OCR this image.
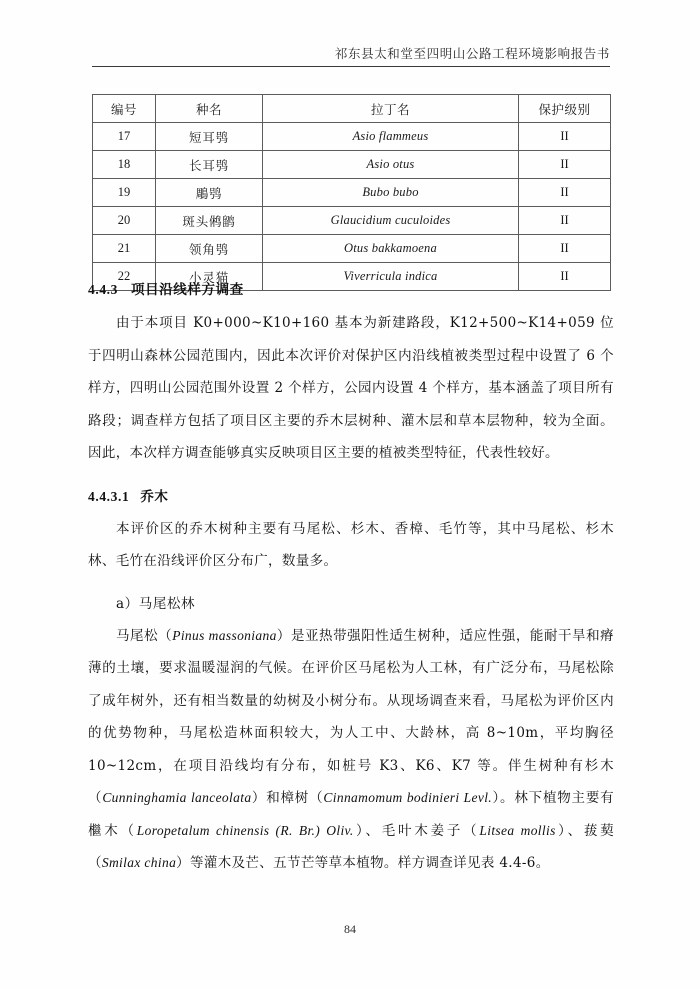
祁东县太和堂至四明山公路工程环境影响报告书
编号	种名	拉丁名	保护级别
17	短耳鸮	Asio flammeus	II
18	长耳鸮	Asio otus	II
19	鵰鸮	Bubo bubo	II
20	斑头鸺鹠	Glaucidium cuculoides	II
21	领角鸮	Otus bakkamoena	II
22	小灵猫	Viverricula indica	II
4.4.3 项目沿线样方调查

由于本项目 K0+000~K10+160 基本为新建路段，K12+500~K14+059 位于四明山森林公园范围内，因此本次评价对保护区内沿线植被类型过程中设置了 6 个样方，四明山公园范围外设置 2 个样方，公园内设置 4 个样方，基本涵盖了项目所有路段；调查样方包括了项目区主要的乔木层树种、灌木层和草本层物种，较为全面。因此，本次样方调查能够真实反映项目区主要的植被类型特征，代表性较好。

4.4.3.1 乔木

本评价区的乔木树种主要有马尾松、杉木、香樟、毛竹等，其中马尾松、杉木林、毛竹在沿线评价区分布广，数量多。

a）马尾松林

马尾松（Pinus massoniana）是亚热带强阳性适生树种，适应性强，能耐干旱和瘠薄的土壤，要求温暖湿润的气候。在评价区马尾松为人工林，有广泛分布，马尾松除了成年树外，还有相当数量的幼树及小树分布。从现场调查来看，马尾松为评价区内的优势物种，马尾松造林面积较大，为人工中、大龄林，高 8~10m，平均胸径 10~12cm，在项目沿线均有分布，如桩号 K3、K6、K7 等。伴生树种有杉木（Cunninghamia lanceolata）和樟树（Cinnamomum bodinieri Levl.）。林下植物主要有檵木（Loropetalum chinensis (R. Br.) Oliv.）、毛叶木姜子（Litsea mollis）、菝葜（Smilax china）等灌木及芒、五节芒等草本植物。样方调查详见表 4.4-6。

84
